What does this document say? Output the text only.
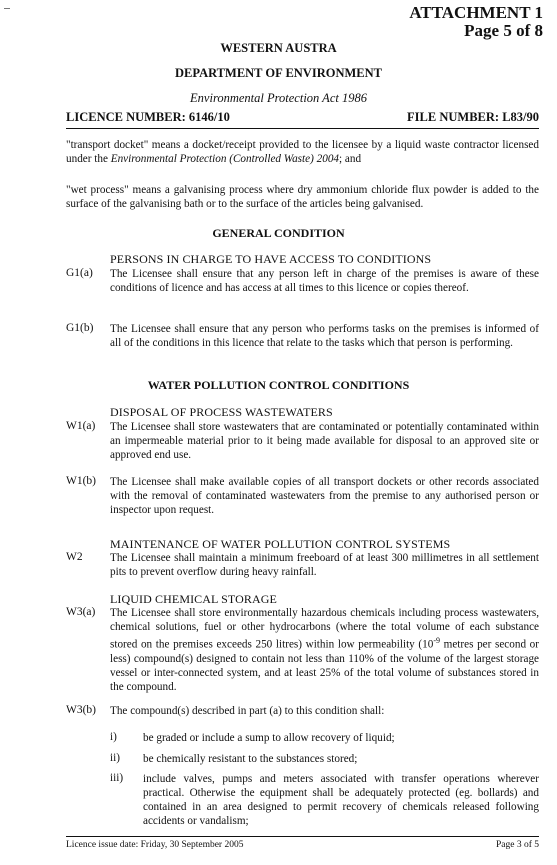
ATTACHMENT 1
Page 5 of 8
WESTERN AUSTRA
DEPARTMENT OF ENVIRONMENT
Environmental Protection Act 1986
LICENCE NUMBER: 6146/10	FILE NUMBER: L83/90
"transport docket" means a docket/receipt provided to the licensee by a liquid waste contractor licensed under the Environmental Protection (Controlled Waste) 2004; and
"wet process" means a galvanising process where dry ammonium chloride flux powder is added to the surface of the galvanising bath or to the surface of the articles being galvanised.
GENERAL CONDITION
PERSONS IN CHARGE TO HAVE ACCESS TO CONDITIONS
G1(a) The Licensee shall ensure that any person left in charge of the premises is aware of these conditions of licence and has access at all times to this licence or copies thereof.
G1(b) The Licensee shall ensure that any person who performs tasks on the premises is informed of all of the conditions in this licence that relate to the tasks which that person is performing.
WATER POLLUTION CONTROL CONDITIONS
DISPOSAL OF PROCESS WASTEWATERS
W1(a) The Licensee shall store wastewaters that are contaminated or potentially contaminated within an impermeable material prior to it being made available for disposal to an approved site or approved end use.
W1(b) The Licensee shall make available copies of all transport dockets or other records associated with the removal of contaminated wastewaters from the premise to any authorised person or inspector upon request.
MAINTENANCE OF WATER POLLUTION CONTROL SYSTEMS
W2 The Licensee shall maintain a minimum freeboard of at least 300 millimetres in all settlement pits to prevent overflow during heavy rainfall.
LIQUID CHEMICAL STORAGE
W3(a) The Licensee shall store environmentally hazardous chemicals including process wastewaters, chemical solutions, fuel or other hydrocarbons (where the total volume of each substance stored on the premises exceeds 250 litres) within low permeability ($10^{-9}$ metres per second or less) compound(s) designed to contain not less than 110% of the volume of the largest storage vessel or inter-connected system, and at least 25% of the total volume of substances stored in the compound.
W3(b) The compound(s) described in part (a) to this condition shall:
i) be graded or include a sump to allow recovery of liquid;
ii) be chemically resistant to the substances stored;
iii) include valves, pumps and meters associated with transfer operations wherever practical. Otherwise the equipment shall be adequately protected (eg. bollards) and contained in an area designed to permit recovery of chemicals released following accidents or vandalism;
Licence issue date: Friday, 30 September 2005	Page 3 of 5
